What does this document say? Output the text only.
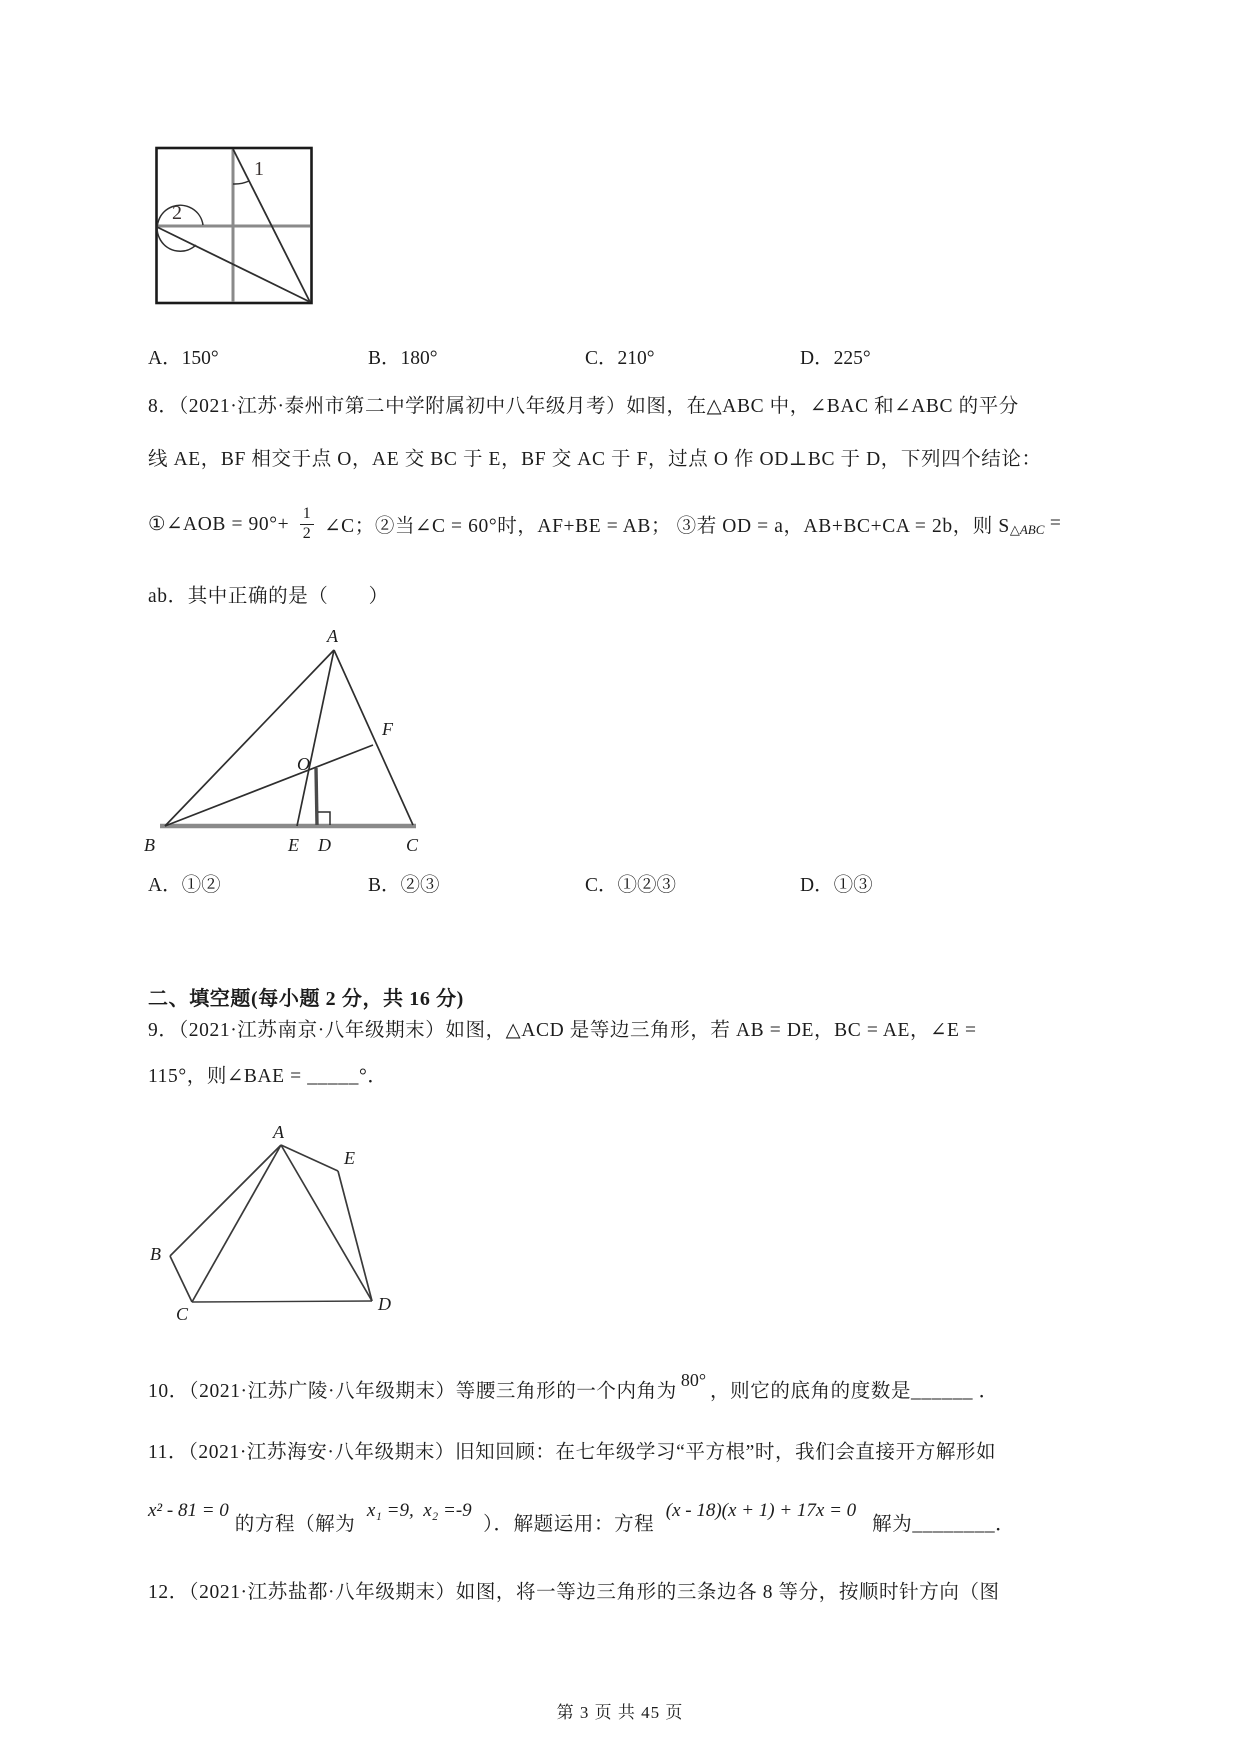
1
2
A．150°	B．180°	C．210°	D．225°
8．（2021·江苏·泰州市第二中学附属初中八年级月考）如图，在△ABC 中，∠BAC 和∠ABC 的平分
线 AE，BF 相交于点 O，AE 交 BC 于 E，BF 交 AC 于 F，过点 O 作 OD⊥BC 于 D，下列四个结论：
①∠AOB = $90^\circ+ \frac{1}{2}$ ∠C；②当∠C = 60°时，AF+BE = AB； ③若 OD = a，AB+BC+CA = 2b，则 S △ABC =
ab．其中正确的是（　　）
A
B	C
D
E
F
O
A．①②	B．②③	C．①②③	D．①③
二、填空题(每小题 2 分，共 16 分)
9．（2021·江苏南京·八年级期末）如图，△ACD 是等边三角形，若 AB = DE，BC = AE，∠E =
115°，则∠BAE = _____°．
A
B
C	D
E
10．（2021·江苏广陵·八年级期末）等腰三角形的一个内角为
80°
，则它的底角的度数是______ ．
11．（2021·江苏海安·八年级期末）旧知回顾：在七年级学习“平方根”时，我们会直接开方解形如
x² - 81 = 0
的方程（解为
x₁ =9,  x₂ =-9
）．解题运用：方程
(x - 18)(x + 1) + 17x = 0
解为________．
12．（2021·江苏盐都·八年级期末）如图，将一等边三角形的三条边各 8 等分，按顺时针方向（图
第 3 页 共 45 页
